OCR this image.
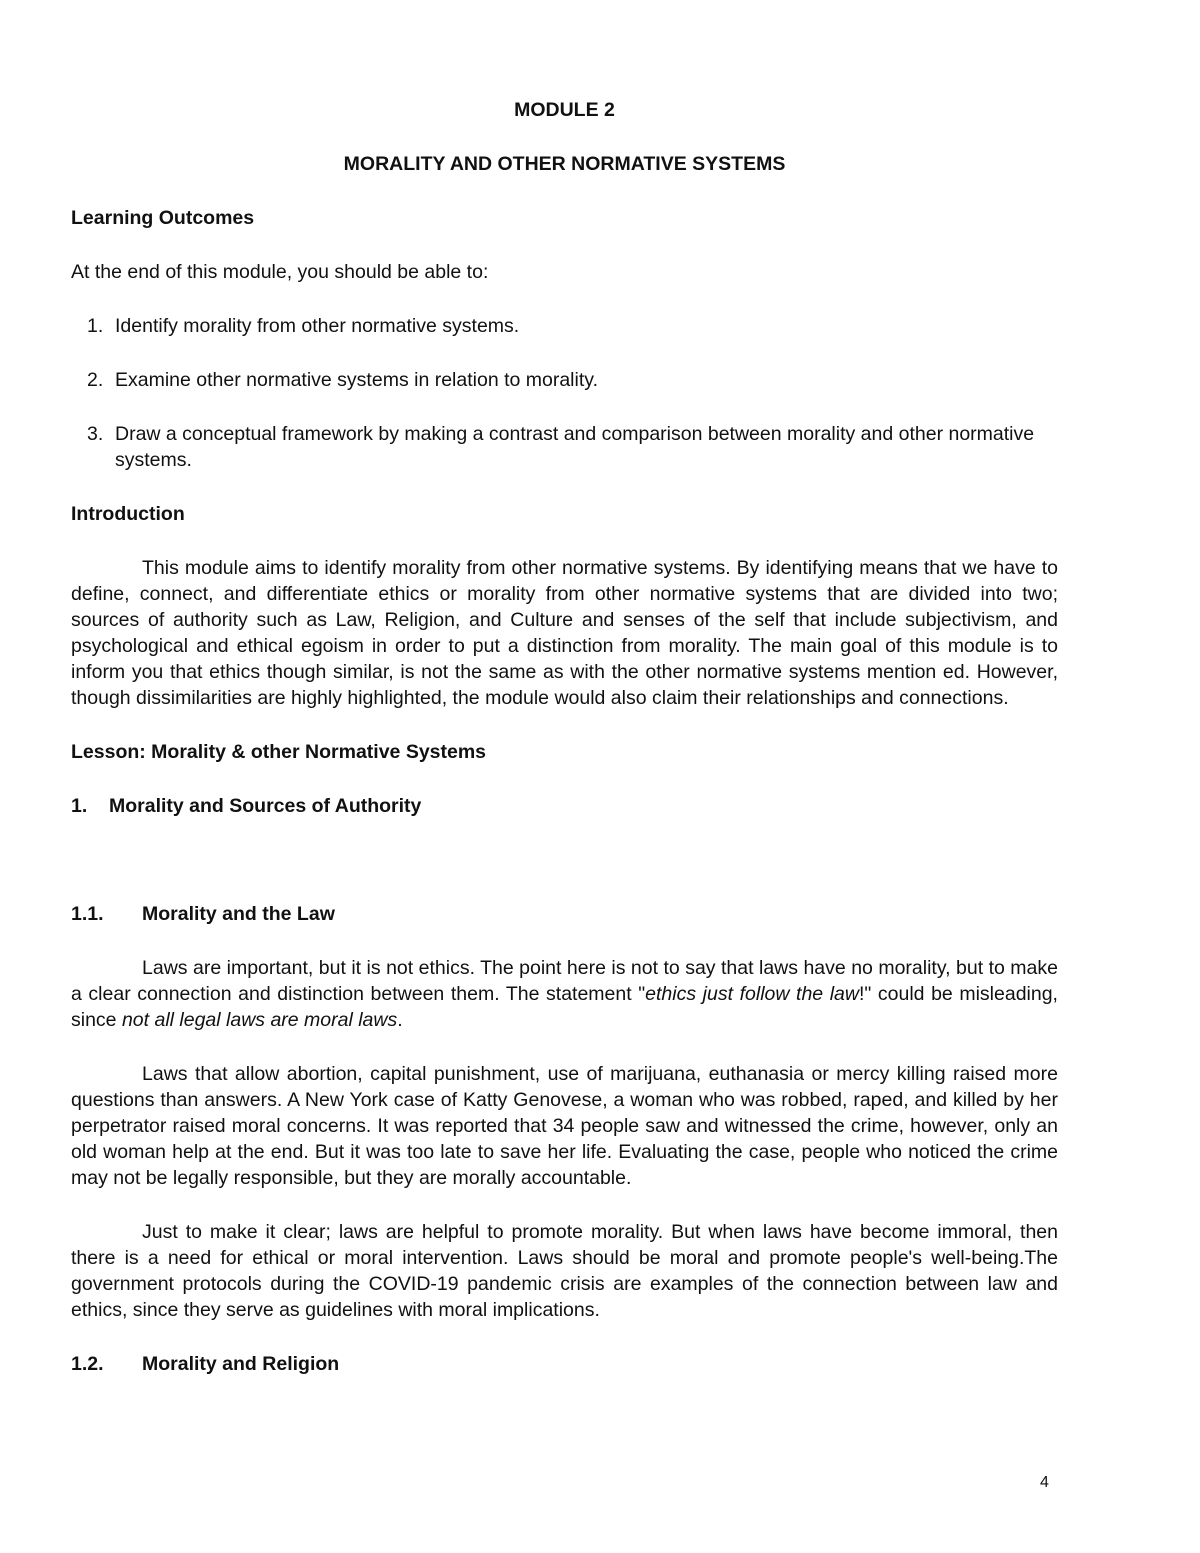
MODULE 2

MORALITY AND OTHER NORMATIVE SYSTEMS

Learning Outcomes

At the end of this module, you should be able to:

1. Identify morality from other normative systems.
2. Examine other normative systems in relation to morality.
3. Draw a conceptual framework by making a contrast and comparison between morality and other normative systems.

Introduction

This module aims to identify morality from other normative systems. By identifying means that we have to define, connect, and differentiate ethics or morality from other normative systems that are divided into two; sources of authority such as Law, Religion, and Culture and senses of the self that include subjectivism, and psychological and ethical egoism in order to put a distinction from morality. The main goal of this module is to inform you that ethics though similar, is not the same as with the other normative systems mention ed. However, though dissimilarities are highly highlighted, the module would also claim their relationships and connections.

Lesson: Morality & other Normative Systems

1.	Morality and Sources of Authority
1.1.	Morality and the Law

Laws are important, but it is not ethics. The point here is not to say that laws have no morality, but to make a clear connection and distinction between them. The statement "ethics just follow the law!" could be misleading, since not all legal laws are moral laws.

Laws that allow abortion, capital punishment, use of marijuana, euthanasia or mercy killing raised more questions than answers. A New York case of Katty Genovese, a woman who was robbed, raped, and killed by her perpetrator raised moral concerns. It was reported that 34 people saw and witnessed the crime, however, only an old woman help at the end. But it was too late to save her life. Evaluating the case, people who noticed the crime may not be legally responsible, but they are morally accountable.

Just to make it clear; laws are helpful to promote morality. But when laws have become immoral, then there is a need for ethical or moral intervention. Laws should be moral and promote people's well-being.The government protocols during the COVID-19 pandemic crisis are examples of the connection between law and ethics, since they serve as guidelines with moral implications.

1.2.	Morality and Religion
4
